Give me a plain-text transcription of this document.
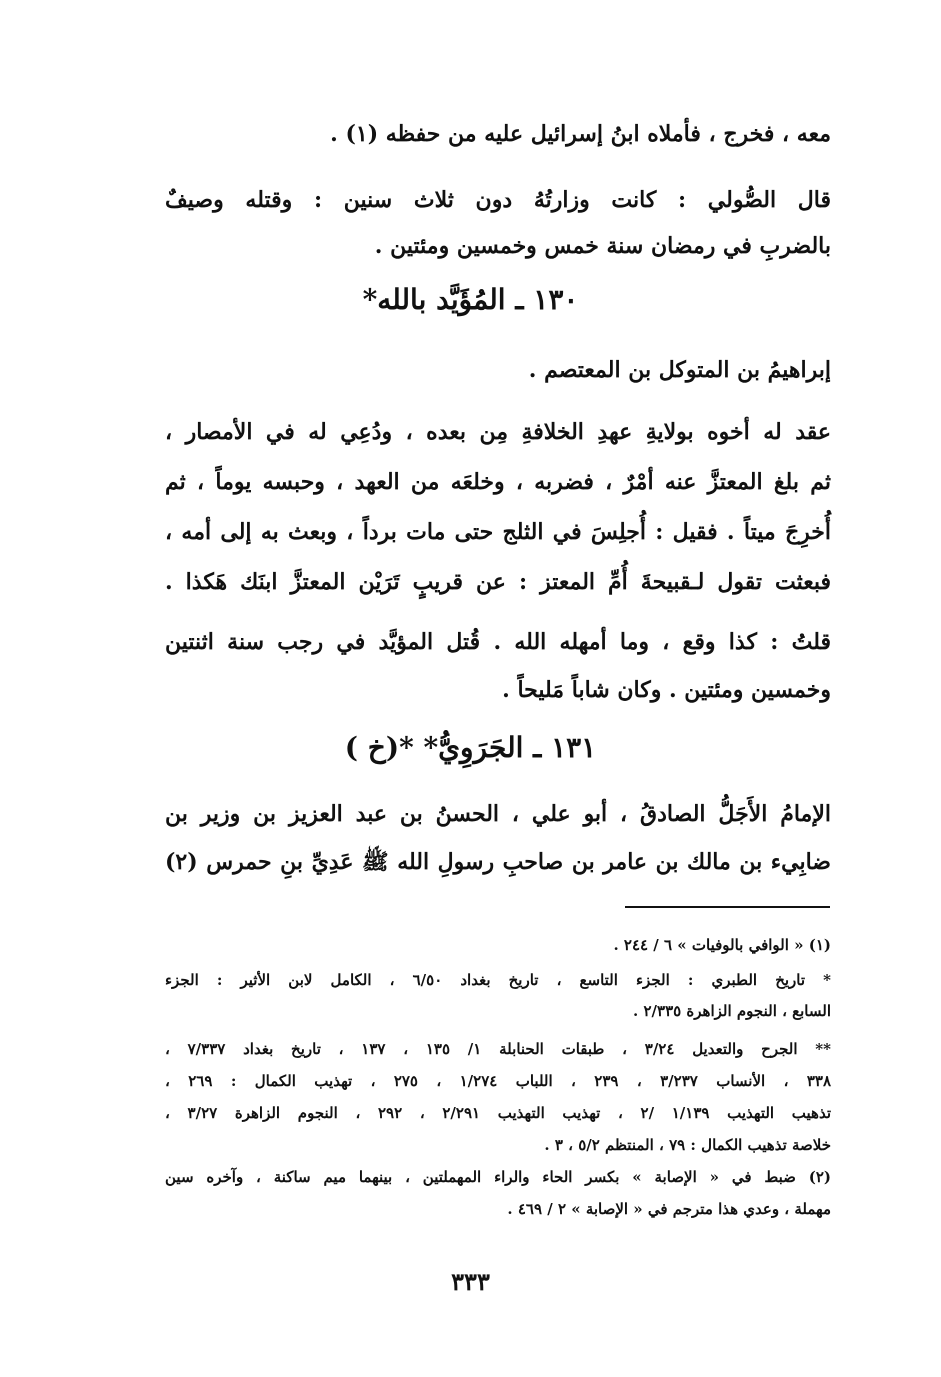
معه ، فخرج ، فأملاه ابنُ إسرائيل عليه من حفظه (١) .
قال الصُّولي : كانت وزارتُهُ دون ثلاث سنين : وقتله وصيفٌ
بالضربِ في رمضان سنة خمس وخمسين ومئتين .
١٣٠ ـ المُؤَيَّد بالله*
إبراهيمُ بن المتوكل بن المعتصم .
عقد له أخوه بولايةِ عهدِ الخلافةِ مِن بعده ، ودُعِي له في الأمصار ،
ثم بلغ المعتزَّ عنه أمْرٌ ، فضربه ، وخلعَه من العهد ، وحبسه يوماً ، ثم
أُخرِجَ ميتاً . فقيل : أُجلِسَ في الثلج حتى مات برداً ، وبعث به إلى أمه ،
فبعثت تقول لـقبيحةَ أُمِّ المعتز : عن قريبٍ تَرَيْن المعتزَّ ابنَك هَكذا .
قلتُ : كذا وقع ، وما أمهله الله . قُتل المؤيَّد في رجب سنة اثنتين
وخمسين ومئتين . وكان شاباً مَليحاً .
١٣١ ـ الجَرَوِيُّ* *(خ )
الإمامُ الأَجَلُّ الصادقُ ، أبو علي ، الحسنُ بن عبد العزيز بن وزير بن
ضابِيء بن مالك بن عامر بن صاحبِ رسولِ الله ﷺ عَدِيِّ بنِ حمرس (٢)
(١) « الوافي بالوفيات » ٦ / ٢٤٤ .
* تاريخ الطبري : الجزء التاسع ، تاريخ بغداد ٦/٥٠ ، الكامل لابن الأثير : الجزء
السابع ، النجوم الزاهرة ٢/٣٣٥ .
** الجرح والتعديل ٣/٢٤ ، طبقات الحنابلة ١/ ١٣٥ ، ١٣٧ ، تاريخ بغداد ٧/٣٣٧ ،
٣٣٨ ، الأنساب ٣/٢٣٧ ، ٢٣٩ ، اللباب ١/٢٧٤ ، ٢٧٥ ، تهذيب الكمال : ٢٦٩ ،
تذهيب التهذيب ١/١٣٩ /٢ ، تهذيب التهذيب ٢/٢٩١ ، ٢٩٢ ، النجوم الزاهرة ٣/٢٧ ،
خلاصة تذهيب الكمال : ٧٩ ، المنتظم ٥/٢ ، ٣ .
(٢) ضبط في « الإصابة » بكسر الحاء والراء المهملتين ، بينهما ميم ساكنة ، وآخره سين
مهملة ، وعدي هذا مترجم في « الإصابة » ٢ / ٤٦٩ .
٣٣٣
